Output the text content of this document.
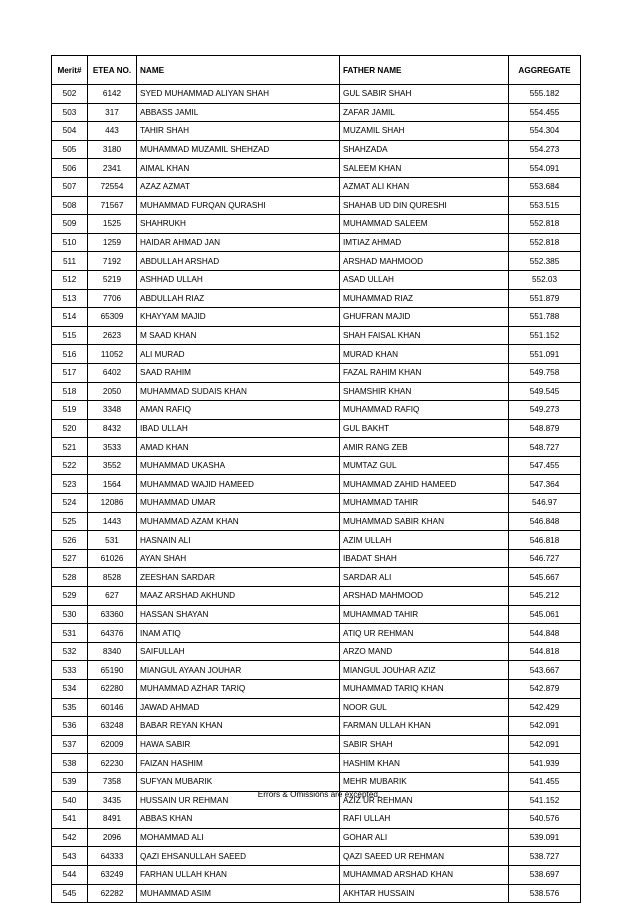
Merit#	ETEA NO.	NAME	FATHER NAME	AGGREGATE
502	6142	SYED MUHAMMAD ALIYAN SHAH	GUL SABIR SHAH	555.182
503	317	ABBASS JAMIL	ZAFAR JAMIL	554.455
504	443	TAHIR SHAH	MUZAMIL SHAH	554.304
505	3180	MUHAMMAD MUZAMIL SHEHZAD	SHAHZADA	554.273
506	2341	AIMAL KHAN	SALEEM KHAN	554.091
507	72554	AZAZ AZMAT	AZMAT ALI KHAN	553.684
508	71567	MUHAMMAD FURQAN QURASHI	SHAHAB UD DIN QURESHI	553.515
509	1525	SHAHRUKH	MUHAMMAD SALEEM	552.818
510	1259	HAIDAR AHMAD JAN	IMTIAZ AHMAD	552.818
511	7192	ABDULLAH ARSHAD	ARSHAD MAHMOOD	552.385
512	5219	ASHHAD ULLAH	ASAD ULLAH	552.03
513	7706	ABDULLAH RIAZ	MUHAMMAD RIAZ	551.879
514	65309	KHAYYAM MAJID	GHUFRAN MAJID	551.788
515	2623	M SAAD KHAN	SHAH FAISAL KHAN	551.152
516	11052	ALI MURAD	MURAD KHAN	551.091
517	6402	SAAD RAHIM	FAZAL RAHIM KHAN	549.758
518	2050	MUHAMMAD SUDAIS KHAN	SHAMSHIR KHAN	549.545
519	3348	AMAN RAFIQ	MUHAMMAD RAFIQ	549.273
520	8432	IBAD ULLAH	GUL BAKHT	548.879
521	3533	AMAD KHAN	AMIR RANG ZEB	548.727
522	3552	MUHAMMAD UKASHA	MUMTAZ GUL	547.455
523	1564	MUHAMMAD WAJID HAMEED	MUHAMMAD ZAHID HAMEED	547.364
524	12086	MUHAMMAD UMAR	MUHAMMAD TAHIR	546.97
525	1443	MUHAMMAD AZAM KHAN	MUHAMMAD SABIR KHAN	546.848
526	531	HASNAIN ALI	AZIM ULLAH	546.818
527	61026	AYAN SHAH	IBADAT SHAH	546.727
528	8528	ZEESHAN SARDAR	SARDAR ALI	545.667
529	627	MAAZ ARSHAD AKHUND	ARSHAD MAHMOOD	545.212
530	63360	HASSAN SHAYAN	MUHAMMAD TAHIR	545.061
531	64376	INAM ATIQ	ATIQ UR REHMAN	544.848
532	8340	SAIFULLAH	ARZO MAND	544.818
533	65190	MIANGUL AYAAN JOUHAR	MIANGUL JOUHAR AZIZ	543.667
534	62280	MUHAMMAD AZHAR TARIQ	MUHAMMAD TARIQ KHAN	542.879
535	60146	JAWAD AHMAD	NOOR GUL	542.429
536	63248	BABAR REYAN KHAN	FARMAN ULLAH KHAN	542.091
537	62009	HAWA SABIR	SABIR SHAH	542.091
538	62230	FAIZAN HASHIM	HASHIM KHAN	541.939
539	7358	SUFYAN MUBARIK	MEHR MUBARIK	541.455
540	3435	HUSSAIN UR REHMAN	AZIZ UR REHMAN	541.152
541	8491	ABBAS KHAN	RAFI ULLAH	540.576
542	2096	MOHAMMAD ALI	GOHAR ALI	539.091
543	64333	QAZI EHSANULLAH SAEED	QAZI SAEED UR REHMAN	538.727
544	63249	FARHAN ULLAH KHAN	MUHAMMAD ARSHAD KHAN	538.697
545	62282	MUHAMMAD ASIM	AKHTAR HUSSAIN	538.576
Errors & Omissions are excepted.
